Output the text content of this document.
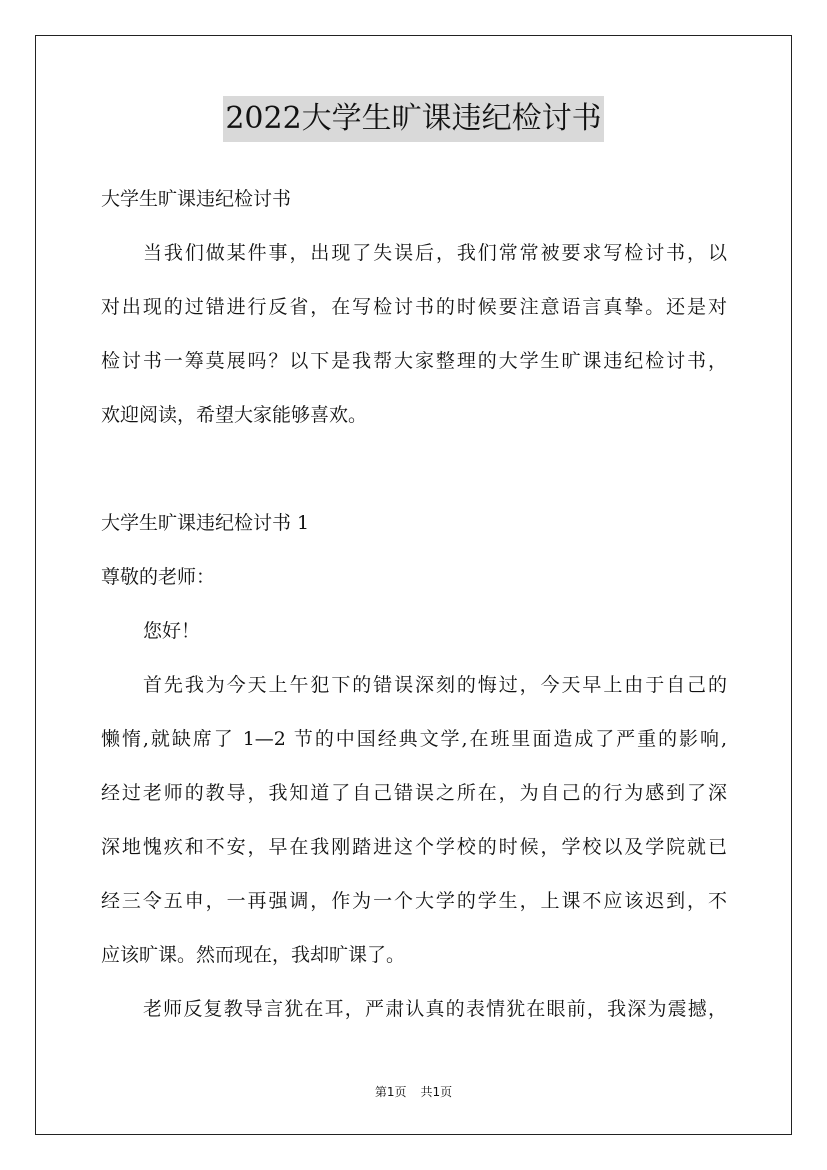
2022大学生旷课违纪检讨书
大学生旷课违纪检讨书
当我们做某件事，出现了失误后，我们常常被要求写检讨书，以
对出现的过错进行反省，在写检讨书的时候要注意语言真挚。还是对
检讨书一筹莫展吗？以下是我帮大家整理的大学生旷课违纪检讨书，
欢迎阅读，希望大家能够喜欢。
大学生旷课违纪检讨书 1
尊敬的老师：
您好！
首先我为今天上午犯下的错误深刻的悔过，今天早上由于自己的
懒惰,就缺席了 1—2 节的中国经典文学,在班里面造成了严重的影响,
经过老师的教导，我知道了自己错误之所在，为自己的行为感到了深
深地愧疚和不安，早在我刚踏进这个学校的时候，学校以及学院就已
经三令五申，一再强调，作为一个大学的学生，上课不应该迟到，不
应该旷课。然而现在，我却旷课了。
老师反复教导言犹在耳，严肃认真的表情犹在眼前，我深为震撼，
第1页 共1页
